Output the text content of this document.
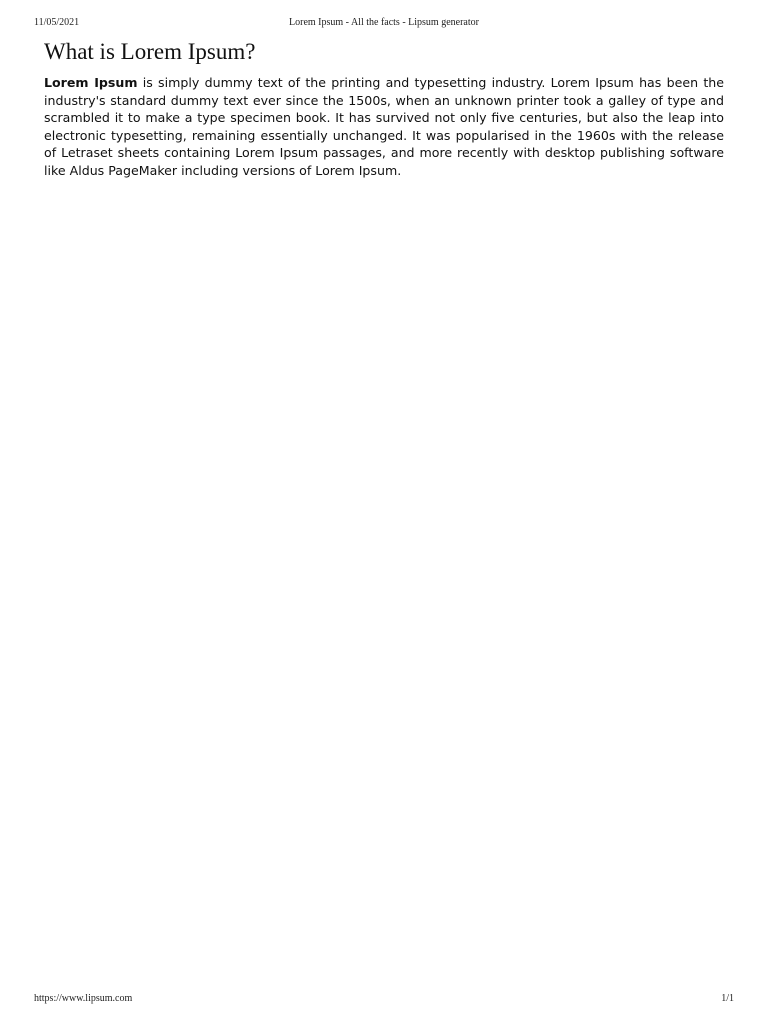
11/05/2021	Lorem Ipsum - All the facts - Lipsum generator
What is Lorem Ipsum?

Lorem Ipsum is simply dummy text of the printing and typesetting industry. Lorem Ipsum has been the industry's standard dummy text ever since the 1500s, when an unknown printer took a galley of type and scrambled it to make a type specimen book. It has survived not only five centuries, but also the leap into electronic typesetting, remaining essentially unchanged. It was popularised in the 1960s with the release of Letraset sheets containing Lorem Ipsum passages, and more recently with desktop publishing software like Aldus PageMaker including versions of Lorem Ipsum.

https://www.lipsum.com	1/1
